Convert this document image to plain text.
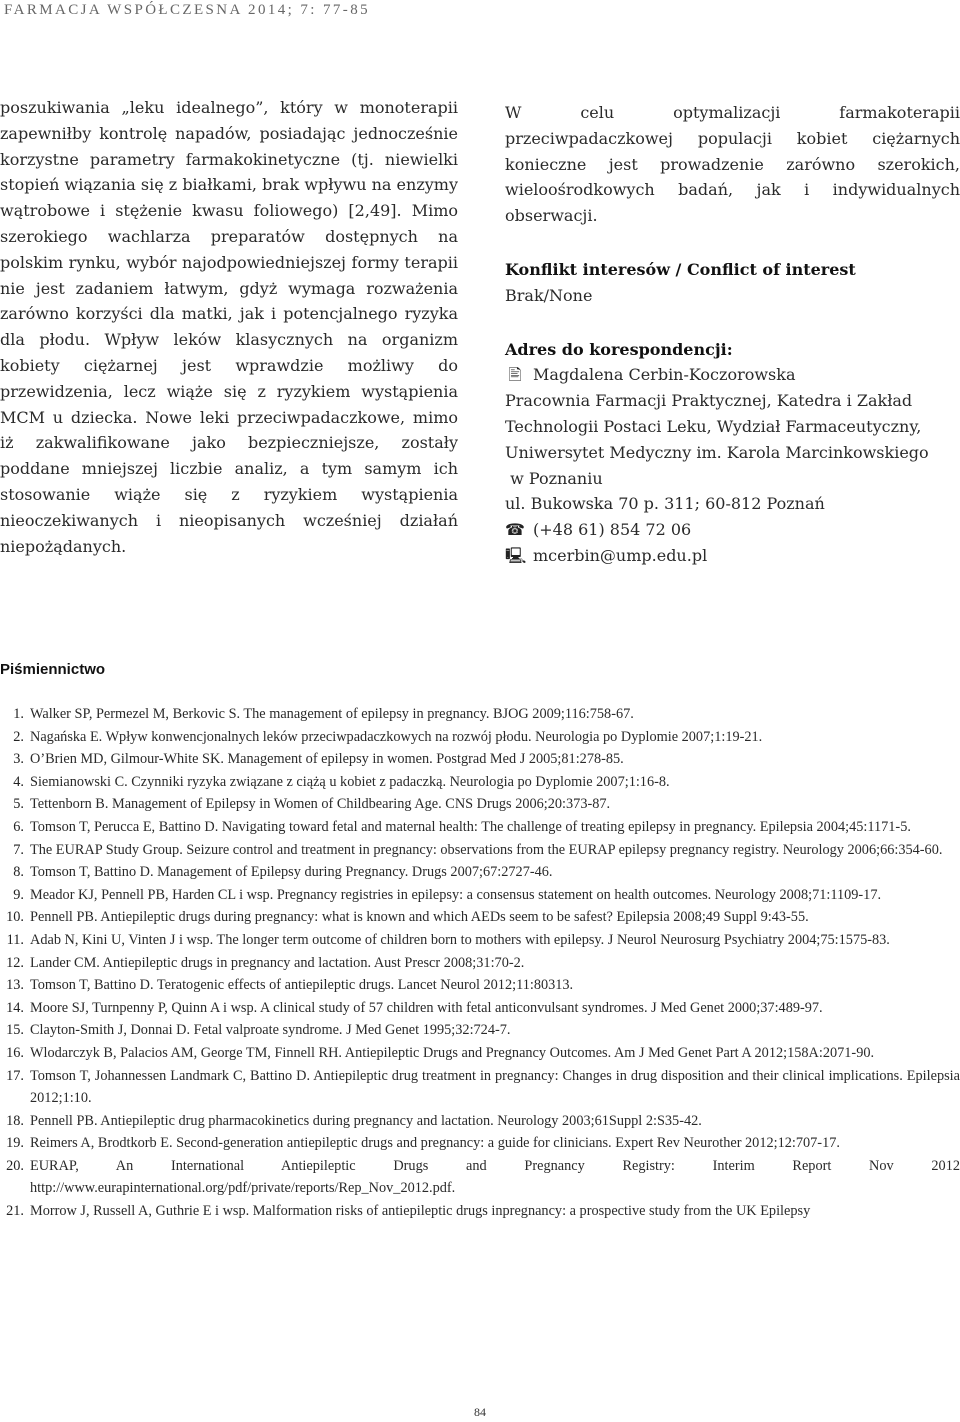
FARMACJA WSPÓŁCZESNA 2014; 7: 77-85

poszukiwania „leku idealnego”, który w monoterapii zapewniłby kontrolę napadów, posiadając jednocześnie korzystne parametry farmakokinetyczne (tj. niewielki stopień wiązania się z białkami, brak wpływu na enzymy wątrobowe i stężenie kwasu foliowego) [2,49]. Mimo szerokiego wachlarza preparatów dostępnych na polskim rynku, wybór najodpowiedniejszej formy terapii nie jest zadaniem łatwym, gdyż wymaga rozważenia zarówno korzyści dla matki, jak i potencjalnego ryzyka dla płodu. Wpływ leków klasycznych na organizm kobiety ciężarnej jest wprawdzie możliwy do przewidzenia, lecz wiąże się z ryzykiem wystąpienia MCM u dziecka. Nowe leki przeciwpadaczkowe, mimo iż zakwalifikowane jako bezpieczniejsze, zostały poddane mniejszej liczbie analiz, a tym samym ich stosowanie wiąże się z ryzykiem wystąpienia nieoczekiwanych i nieopisanych wcześniej działań niepożądanych.

W celu optymalizacji farmakoterapii przeciwpadaczkowej populacji kobiet ciężarnych konieczne jest prowadzenie zarówno szerokich, wieloośrodkowych badań, jak i indywidualnych obserwacji.

Konflikt interesów / Conflict of interest

Brak/None

Adres do korespondencji:

🖹 Magdalena Cerbin-Koczorowska

Pracownia Farmacji Praktycznej, Katedra i Zakład
Technologii Postaci Leku, Wydział Farmaceutyczny,
Uniwersytet Medyczny im. Karola Marcinkowskiego
w Poznaniu
ul. Bukowska 70 p. 311; 60-812 Poznań

☎ (+48 61) 854 72 06

🖳 mcerbin@ump.edu.pl

Piśmiennictwo
1. Walker SP, Permezel M, Berkovic S. The management of epilepsy in pregnancy. BJOG 2009;116:758-67.
2. Nagańska E. Wpływ konwencjonalnych leków przeciwpadaczkowych na rozwój płodu. Neurologia po Dyplomie 2007;1:19-21.
3. O’Brien MD, Gilmour-White SK. Management of epilepsy in women. Postgrad Med J 2005;81:278-85.
4. Siemianowski C. Czynniki ryzyka związane z ciążą u kobiet z padaczką. Neurologia po Dyplomie 2007;1:16-8.
5. Tettenborn B. Management of Epilepsy in Women of Childbearing Age. CNS Drugs 2006;20:373-87.
6. Tomson T, Perucca E, Battino D. Navigating toward fetal and maternal health: The challenge of treating epilepsy in pregnancy. Epilepsia 2004;45:1171-5.
7. The EURAP Study Group. Seizure control and treatment in pregnancy: observations from the EURAP epilepsy pregnancy registry. Neurology 2006;66:354-60.
8. Tomson T, Battino D. Management of Epilepsy during Pregnancy. Drugs 2007;67:2727-46.
9. Meador KJ, Pennell PB, Harden CL i wsp. Pregnancy registries in epilepsy: a consensus statement on health outcomes. Neurology 2008;71:1109-17.
10. Pennell PB. Antiepileptic drugs during pregnancy: what is known and which AEDs seem to be safest? Epilepsia 2008;49 Suppl 9:43-55.
11. Adab N, Kini U, Vinten J i wsp. The longer term outcome of children born to mothers with epilepsy. J Neurol Neurosurg Psychiatry 2004;75:1575-83.
12. Lander CM. Antiepileptic drugs in pregnancy and lactation. Aust Prescr 2008;31:70-2.
13. Tomson T, Battino D. Teratogenic effects of antiepileptic drugs. Lancet Neurol 2012;11:80313.
14. Moore SJ, Turnpenny P, Quinn A i wsp. A clinical study of 57 children with fetal anticonvulsant syndromes. J Med Genet 2000;37:489-97.
15. Clayton-Smith J, Donnai D. Fetal valproate syndrome. J Med Genet 1995;32:724-7.
16. Wlodarczyk B, Palacios AM, George TM, Finnell RH. Antiepileptic Drugs and Pregnancy Outcomes. Am J Med Genet Part A 2012;158A:2071-90.
17. Tomson T, Johannessen Landmark C, Battino D. Antiepileptic drug treatment in pregnancy: Changes in drug disposition and their clinical implications. Epilepsia 2012;1:10.
18. Pennell PB. Antiepileptic drug pharmacokinetics during pregnancy and lactation. Neurology 2003;61Suppl 2:S35-42.
19. Reimers A, Brodtkorb E. Second-generation antiepileptic drugs and pregnancy: a guide for clinicians. Expert Rev Neurother 2012;12:707-17.
20. EURAP, An International Antiepileptic Drugs and Pregnancy Registry: Interim Report Nov 2012 http://www.eurapinternational.org/pdf/private/reports/Rep_Nov_2012.pdf.
21. Morrow J, Russell A, Guthrie E i wsp. Malformation risks of antiepileptic drugs inpregnancy: a prospective study from the UK Epilepsy
84
